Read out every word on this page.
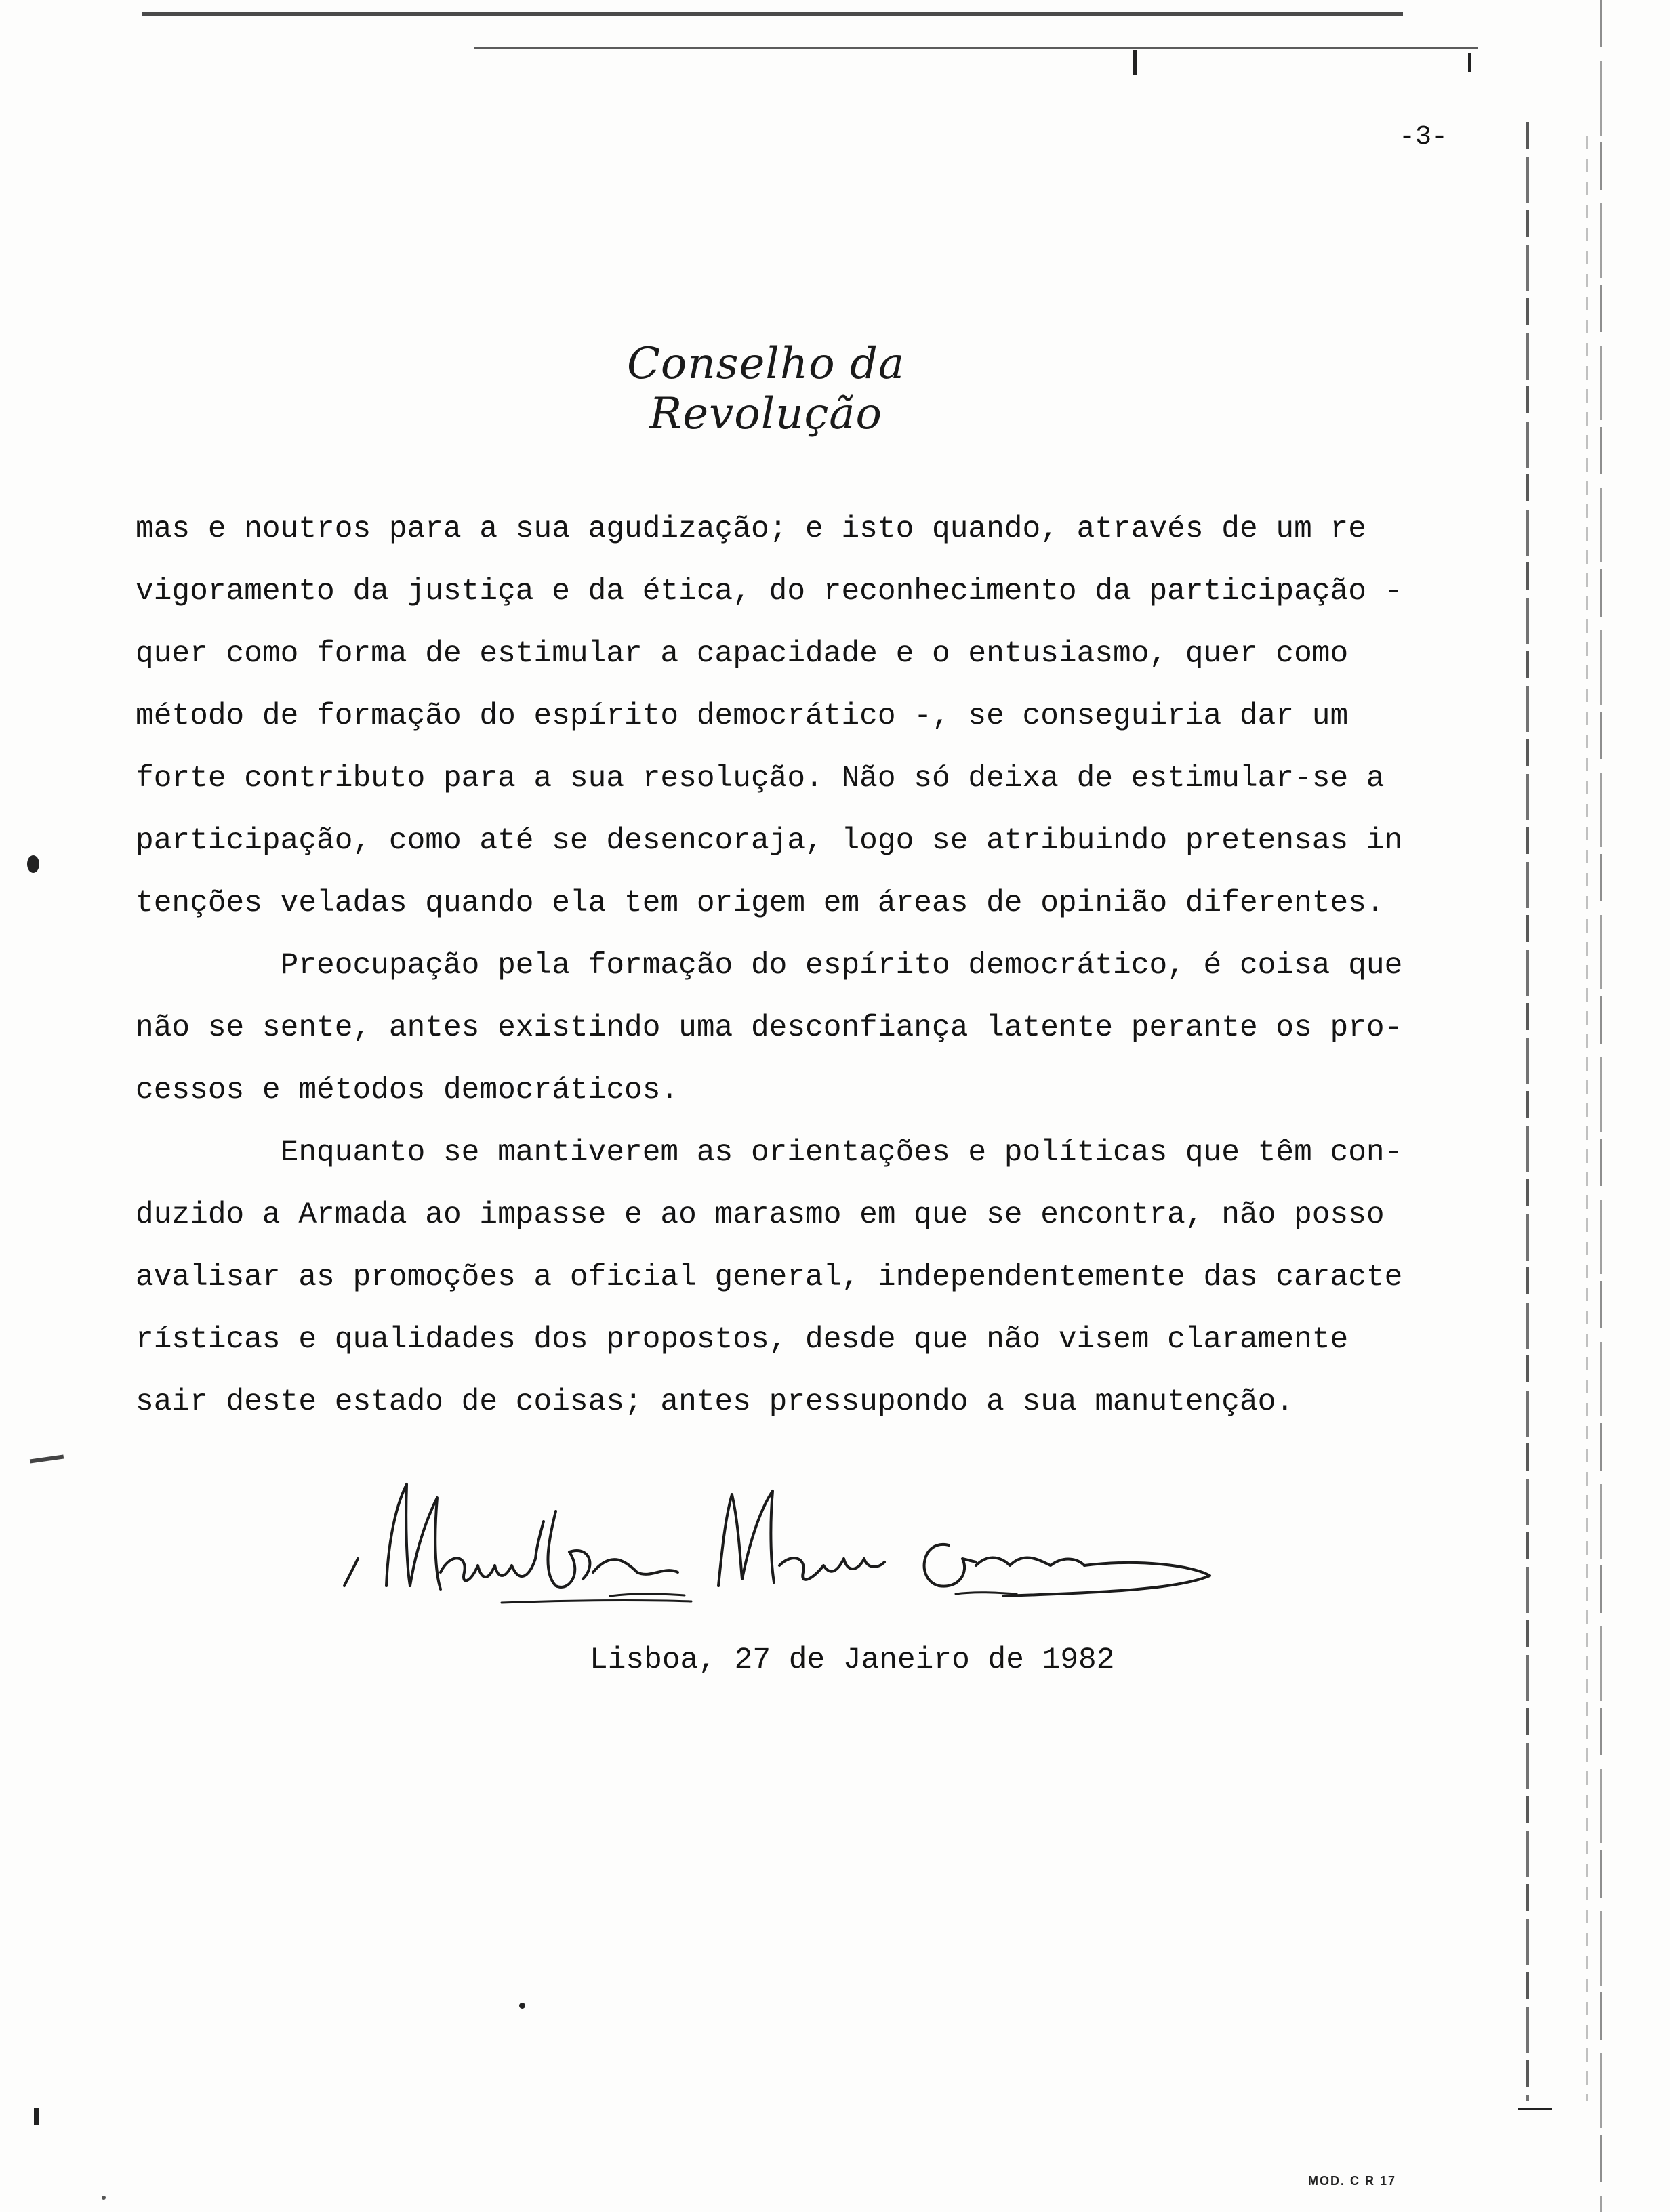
-3-
Conselho da Revolução
mas e noutros para a sua agudização; e isto quando, através de um re
vigoramento da justiça e da ética, do reconhecimento da participação -
quer como forma de estimular a capacidade e o entusiasmo, quer como
método de formação do espírito democrático -, se conseguiria dar um
forte contributo para a sua resolução. Não só deixa de estimular-se a
participação, como até se desencoraja, logo se atribuindo pretensas in
tenções veladas quando ela tem origem em áreas de opinião diferentes.
Preocupação pela formação do espírito democrático, é coisa que
não se sente, antes existindo uma desconfiança latente perante os pro-
cessos e métodos democráticos.
Enquanto se mantiverem as orientações e políticas que têm con-
duzido a Armada ao impasse e ao marasmo em que se encontra, não posso
avalisar as promoções a oficial general, independentemente das caracte
rísticas e qualidades dos propostos, desde que não visem claramente
sair deste estado de coisas; antes pressupondo a sua manutenção.
Lisboa, 27 de Janeiro de 1982
MOD. C R 17
